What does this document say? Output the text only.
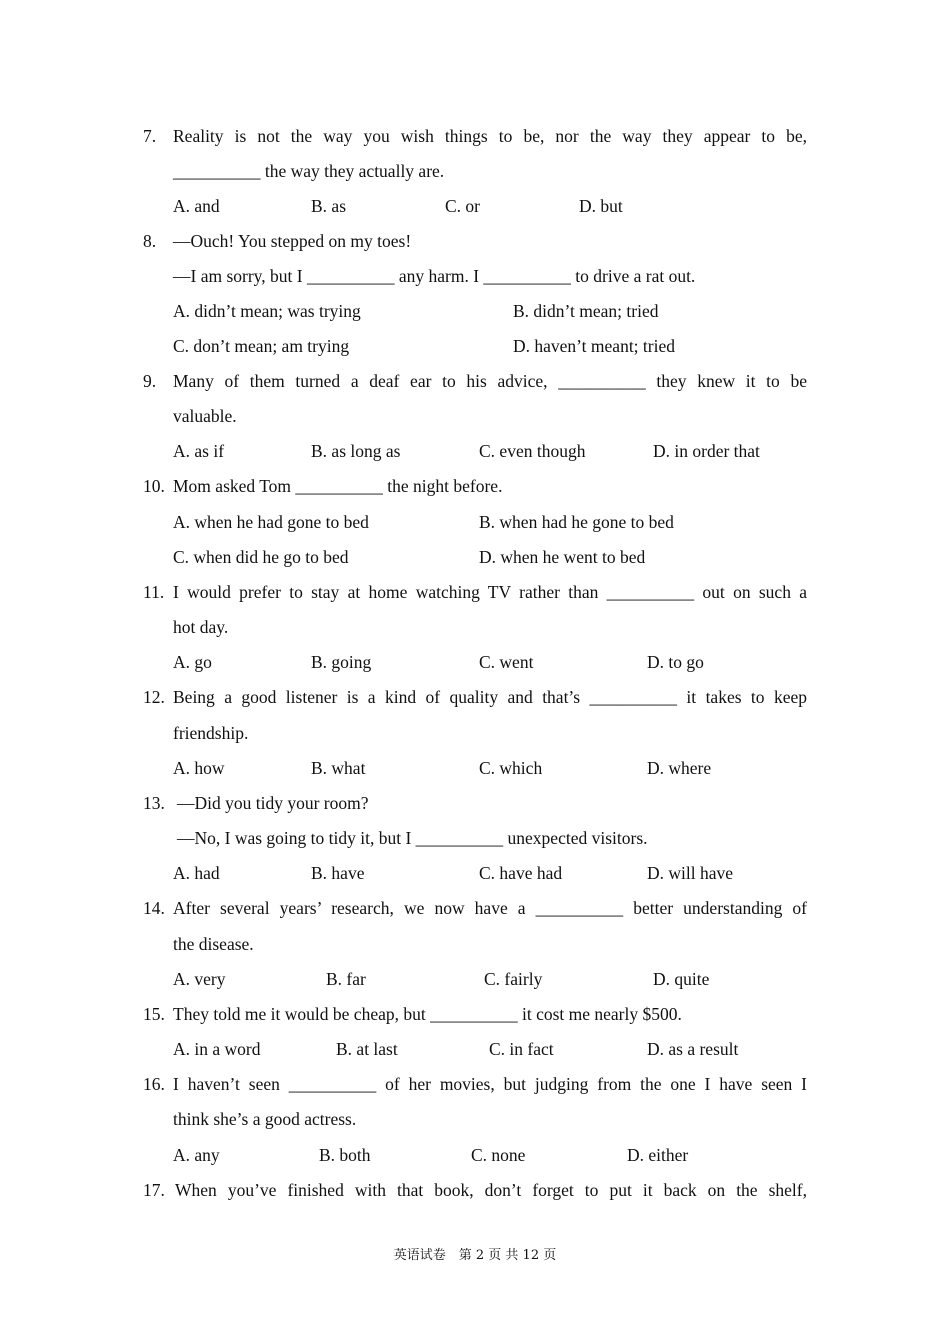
7. Reality is not the way you wish things to be, nor the way they appear to be,
__________ the way they actually are.
A. and	B. as	C. or	D. but
8. —Ouch! You stepped on my toes!
—I am sorry, but I __________ any harm. I __________ to drive a rat out.
A. didn’t mean; was trying	B. didn’t mean; tried
C. don’t mean; am trying	D. haven’t meant; tried
9. Many of them turned a deaf ear to his advice, __________ they knew it to be
valuable.
A. as if	B. as long as	C. even though	D. in order that
10. Mom asked Tom __________ the night before.
A. when he had gone to bed	B. when had he gone to bed
C. when did he go to bed	D. when he went to bed
11. I would prefer to stay at home watching TV rather than __________ out on such a
hot day.
A. go	B. going	C. went	D. to go
12. Being a good listener is a kind of quality and that’s __________ it takes to keep
friendship.
A. how	B. what	C. which	D. where
13. —Did you tidy your room?
—No, I was going to tidy it, but I __________ unexpected visitors.
A. had	B. have	C. have had	D. will have
14. After several years’ research, we now have a __________ better understanding of
the disease.
A. very	B. far	C. fairly	D. quite
15. They told me it would be cheap, but __________ it cost me nearly $500.
A. in a word	B. at last	C. in fact	D. as a result
16. I haven’t seen __________ of her movies, but judging from the one I have seen I
think she’s a good actress.
A. any	B. both	C. none	D. either
17. When you’ve finished with that book, don’t forget to put it back on the shelf,
英语试卷　第 2 页 共 12 页
